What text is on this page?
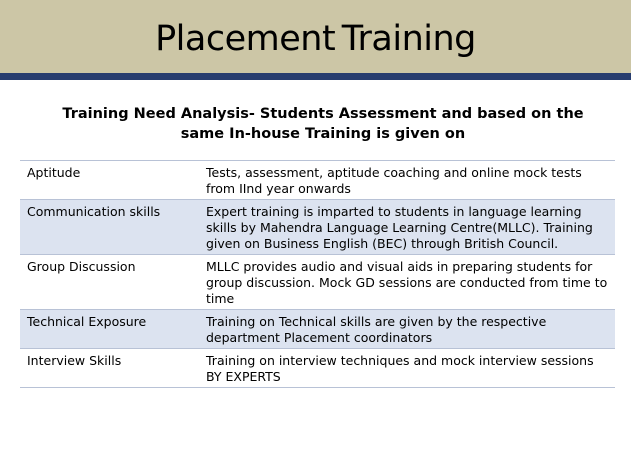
Placement Training
Training Need Analysis- Students Assessment and based on the
same In-house Training is given on
Aptitude	Tests, assessment, aptitude coaching and online mock tests from IInd year onwards
Communication skills	Expert training is imparted to students in language learning skills by Mahendra Language Learning Centre(MLLC). Training given on Business English (BEC) through British Council.
Group Discussion	MLLC provides audio and visual aids in preparing students for group discussion. Mock GD sessions are conducted from time to time
Technical Exposure	Training on Technical skills are given by the respective department Placement coordinators
Interview Skills	Training on interview techniques and mock interview sessions BY EXPERTS
